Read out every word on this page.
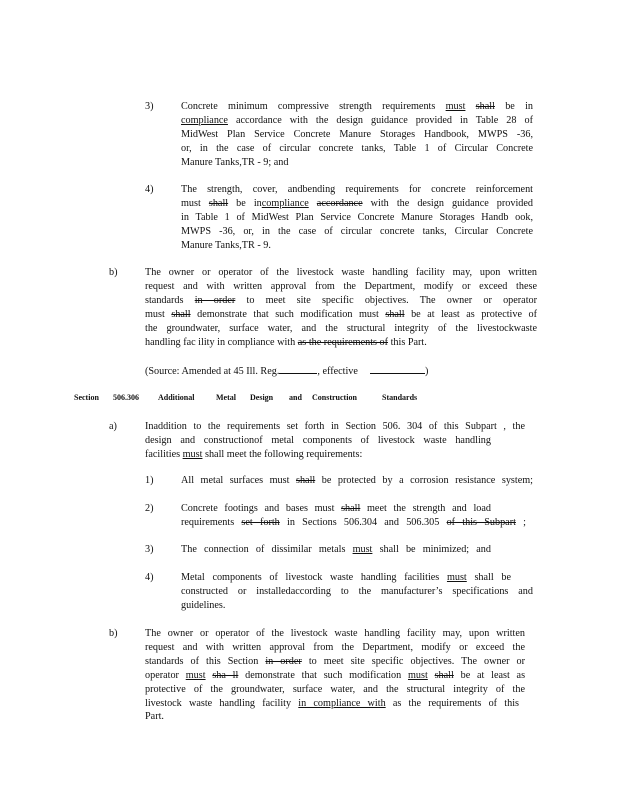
3)	Concrete minimum compressive strength requirements must shall be in
compliance accordance with the design guidance provided in Table 28 of
MidWest Plan Service Concrete Manure Storages Handbook, MWPS -36,
or, in the case of circular concrete tanks, Table 1 of Circular Concrete
Manure Tanks,TR - 9; and
4)	The strength, cover, andbending requirements for concrete reinforcement
must shall be incompliance accordance with the design guidance provided
in Table 1 of MidWest Plan Service Concrete Manure Storages Handb ook,
MWPS -36, or, in the case of circular concrete tanks, Circular Concrete
Manure Tanks,TR - 9.
b)	The owner or operator of the livestock waste handling facility may, upon written
request and with written approval from the Department, modify or exceed these
standards in order to meet site specific objectives. The owner or operator
must shall demonstrate that such modification must shall be at least as protective of
the groundwater, surface water, and the structural integrity of the livestockwaste
handling fac ility in compliance with as the requirements of this Part.
(Source: Amended at 45 Ill. Reg.	, effective	)
Section 506.306 Additional	Metal Design and Construction	Standards
a)	Inaddition to the requirements set forth in Section 506. 304 of this Subpart , the
design and constructionof metal components of livestock waste handling
facilities must shall meet the following requirements:
1)	All metal surfaces must shall be protected by a corrosion resistance system;
2)	Concrete footings and bases must shall meet the strength and load
requirements set forth in Sections 506.304 and 506.305 of this Subpart ;
3)	The connection of dissimilar metals must shall be minimized; and
4)	Metal components of livestock waste handling facilities must shall be
constructed or installedaccording to the manufacturer’s specifications and
guidelines.
b)	The owner or operator of the livestock waste handling facility may, upon written
request and with written approval from the Department, modify or exceed the
standards of this Section in order to meet site specific objectives. The owner or
operator must sha ll demonstrate that such modification must shall be at least as
protective of the groundwater, surface water, and the structural integrity of the
livestock waste handling facility in compliance with as the requirements of this
Part.
